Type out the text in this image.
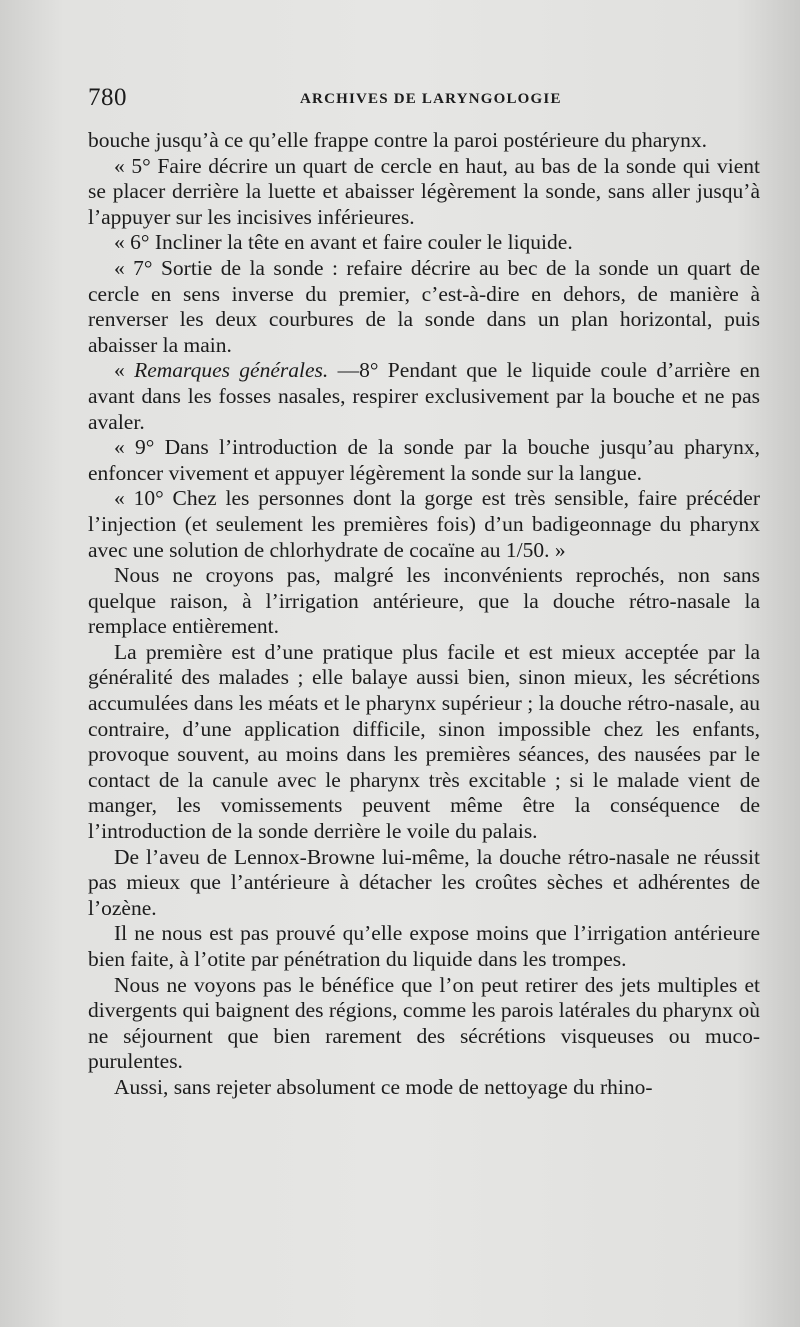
780	ARCHIVES DE LARYNGOLOGIE

bouche jusqu’à ce qu’elle frappe contre la paroi postérieure du pharynx.

« 5° Faire décrire un quart de cercle en haut, au bas de la sonde qui vient se placer derrière la luette et abaisser légèrement la sonde, sans aller jusqu’à l’appuyer sur les incisives inférieures.

« 6° Incliner la tête en avant et faire couler le liquide.

« 7° Sortie de la sonde : refaire décrire au bec de la sonde un quart de cercle en sens inverse du premier, c’est-à-dire en dehors, de manière à renverser les deux courbures de la sonde dans un plan horizontal, puis abaisser la main.

« Remarques générales. —8° Pendant que le liquide coule d’arrière en avant dans les fosses nasales, respirer exclusivement par la bouche et ne pas avaler.

« 9° Dans l’introduction de la sonde par la bouche jusqu’au pharynx, enfoncer vivement et appuyer légèrement la sonde sur la langue.

« 10° Chez les personnes dont la gorge est très sensible, faire précéder l’injection (et seulement les premières fois) d’un badigeonnage du pharynx avec une solution de chlorhydrate de cocaïne au 1/50. »

Nous ne croyons pas, malgré les inconvénients reprochés, non sans quelque raison, à l’irrigation antérieure, que la douche rétro-nasale la remplace entièrement.

La première est d’une pratique plus facile et est mieux acceptée par la généralité des malades ; elle balaye aussi bien, sinon mieux, les sécrétions accumulées dans les méats et le pharynx supérieur ; la douche rétro-nasale, au contraire, d’une application difficile, sinon impossible chez les enfants, provoque souvent, au moins dans les premières séances, des nausées par le contact de la canule avec le pharynx très excitable ; si le malade vient de manger, les vomissements peuvent même être la conséquence de l’introduction de la sonde derrière le voile du palais.

De l’aveu de Lennox-Browne lui-même, la douche rétro-nasale ne réussit pas mieux que l’antérieure à détacher les croûtes sèches et adhérentes de l’ozène.

Il ne nous est pas prouvé qu’elle expose moins que l’irrigation antérieure bien faite, à l’otite par pénétration du liquide dans les trompes.

Nous ne voyons pas le bénéfice que l’on peut retirer des jets multiples et divergents qui baignent des régions, comme les parois latérales du pharynx où ne séjournent que bien rarement des sécrétions visqueuses ou muco-purulentes.

Aussi, sans rejeter absolument ce mode de nettoyage du rhino-
